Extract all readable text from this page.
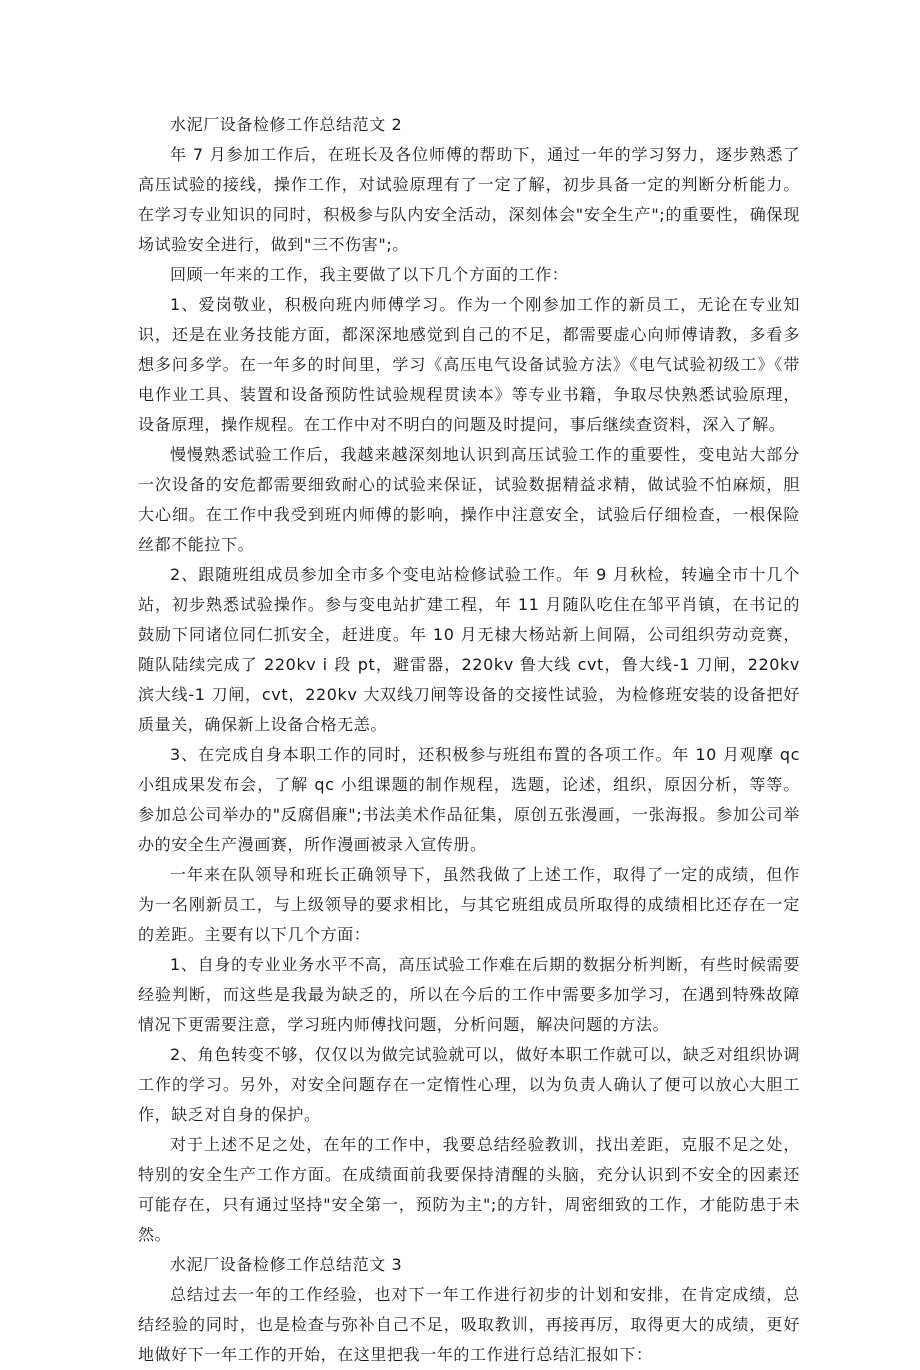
水泥厂设备检修工作总结范文 2

年 7 月参加工作后，在班长及各位师傅的帮助下，通过一年的学习努力，逐步熟悉了高压试验的接线，操作工作，对试验原理有了一定了解，初步具备一定的判断分析能力。在学习专业知识的同时，积极参与队内安全活动，深刻体会"安全生产";的重要性，确保现场试验安全进行，做到"三不伤害";。

回顾一年来的工作，我主要做了以下几个方面的工作：

1、爱岗敬业，积极向班内师傅学习。作为一个刚参加工作的新员工，无论在专业知识，还是在业务技能方面，都深深地感觉到自己的不足，都需要虚心向师傅请教，多看多想多问多学。在一年多的时间里，学习《高压电气设备试验方法》《电气试验初级工》《带电作业工具、装置和设备预防性试验规程贯读本》等专业书籍，争取尽快熟悉试验原理，设备原理，操作规程。在工作中对不明白的问题及时提问，事后继续查资料，深入了解。

慢慢熟悉试验工作后，我越来越深刻地认识到高压试验工作的重要性，变电站大部分一次设备的安危都需要细致耐心的试验来保证，试验数据精益求精，做试验不怕麻烦，胆大心细。在工作中我受到班内师傅的影响，操作中注意安全，试验后仔细检查，一根保险丝都不能拉下。

2、跟随班组成员参加全市多个变电站检修试验工作。年 9 月秋检，转遍全市十几个站，初步熟悉试验操作。参与变电站扩建工程，年 11 月随队吃住在邹平肖镇，在书记的鼓励下同诸位同仁抓安全，赶进度。年 10 月无棣大杨站新上间隔，公司组织劳动竞赛，随队陆续完成了 220kv ⅰ 段 pt，避雷器，220kv 鲁大线 cvt，鲁大线-1 刀闸，220kv 滨大线-1 刀闸，cvt，220kv 大双线刀闸等设备的交接性试验，为检修班安装的设备把好质量关，确保新上设备合格无恙。

3、在完成自身本职工作的同时，还积极参与班组布置的各项工作。年 10 月观摩 qc 小组成果发布会，了解 qc 小组课题的制作规程，选题，论述，组织，原因分析，等等。参加总公司举办的"反腐倡廉";书法美术作品征集，原创五张漫画，一张海报。参加公司举办的安全生产漫画赛，所作漫画被录入宣传册。

一年来在队领导和班长正确领导下，虽然我做了上述工作，取得了一定的成绩，但作为一名刚新员工，与上级领导的要求相比，与其它班组成员所取得的成绩相比还存在一定的差距。主要有以下几个方面：

1、自身的专业业务水平不高，高压试验工作难在后期的数据分析判断，有些时候需要经验判断，而这些是我最为缺乏的，所以在今后的工作中需要多加学习，在遇到特殊故障情况下更需要注意，学习班内师傅找问题，分析问题，解决问题的方法。

2、角色转变不够，仅仅以为做完试验就可以，做好本职工作就可以，缺乏对组织协调工作的学习。另外，对安全问题存在一定惰性心理，以为负责人确认了便可以放心大胆工作，缺乏对自身的保护。

对于上述不足之处，在年的工作中，我要总结经验教训，找出差距，克服不足之处，特别的安全生产工作方面。在成绩面前我要保持清醒的头脑，充分认识到不安全的因素还可能存在，只有通过坚持"安全第一，预防为主";的方针，周密细致的工作，才能防患于未然。

水泥厂设备检修工作总结范文 3

总结过去一年的工作经验，也对下一年工作进行初步的计划和安排，在肯定成绩，总结经验的同时，也是检查与弥补自己不足，吸取教训，再接再厉，取得更大的成绩，更好地做好下一年工作的开始，在这里把我一年的工作进行总结汇报如下：
